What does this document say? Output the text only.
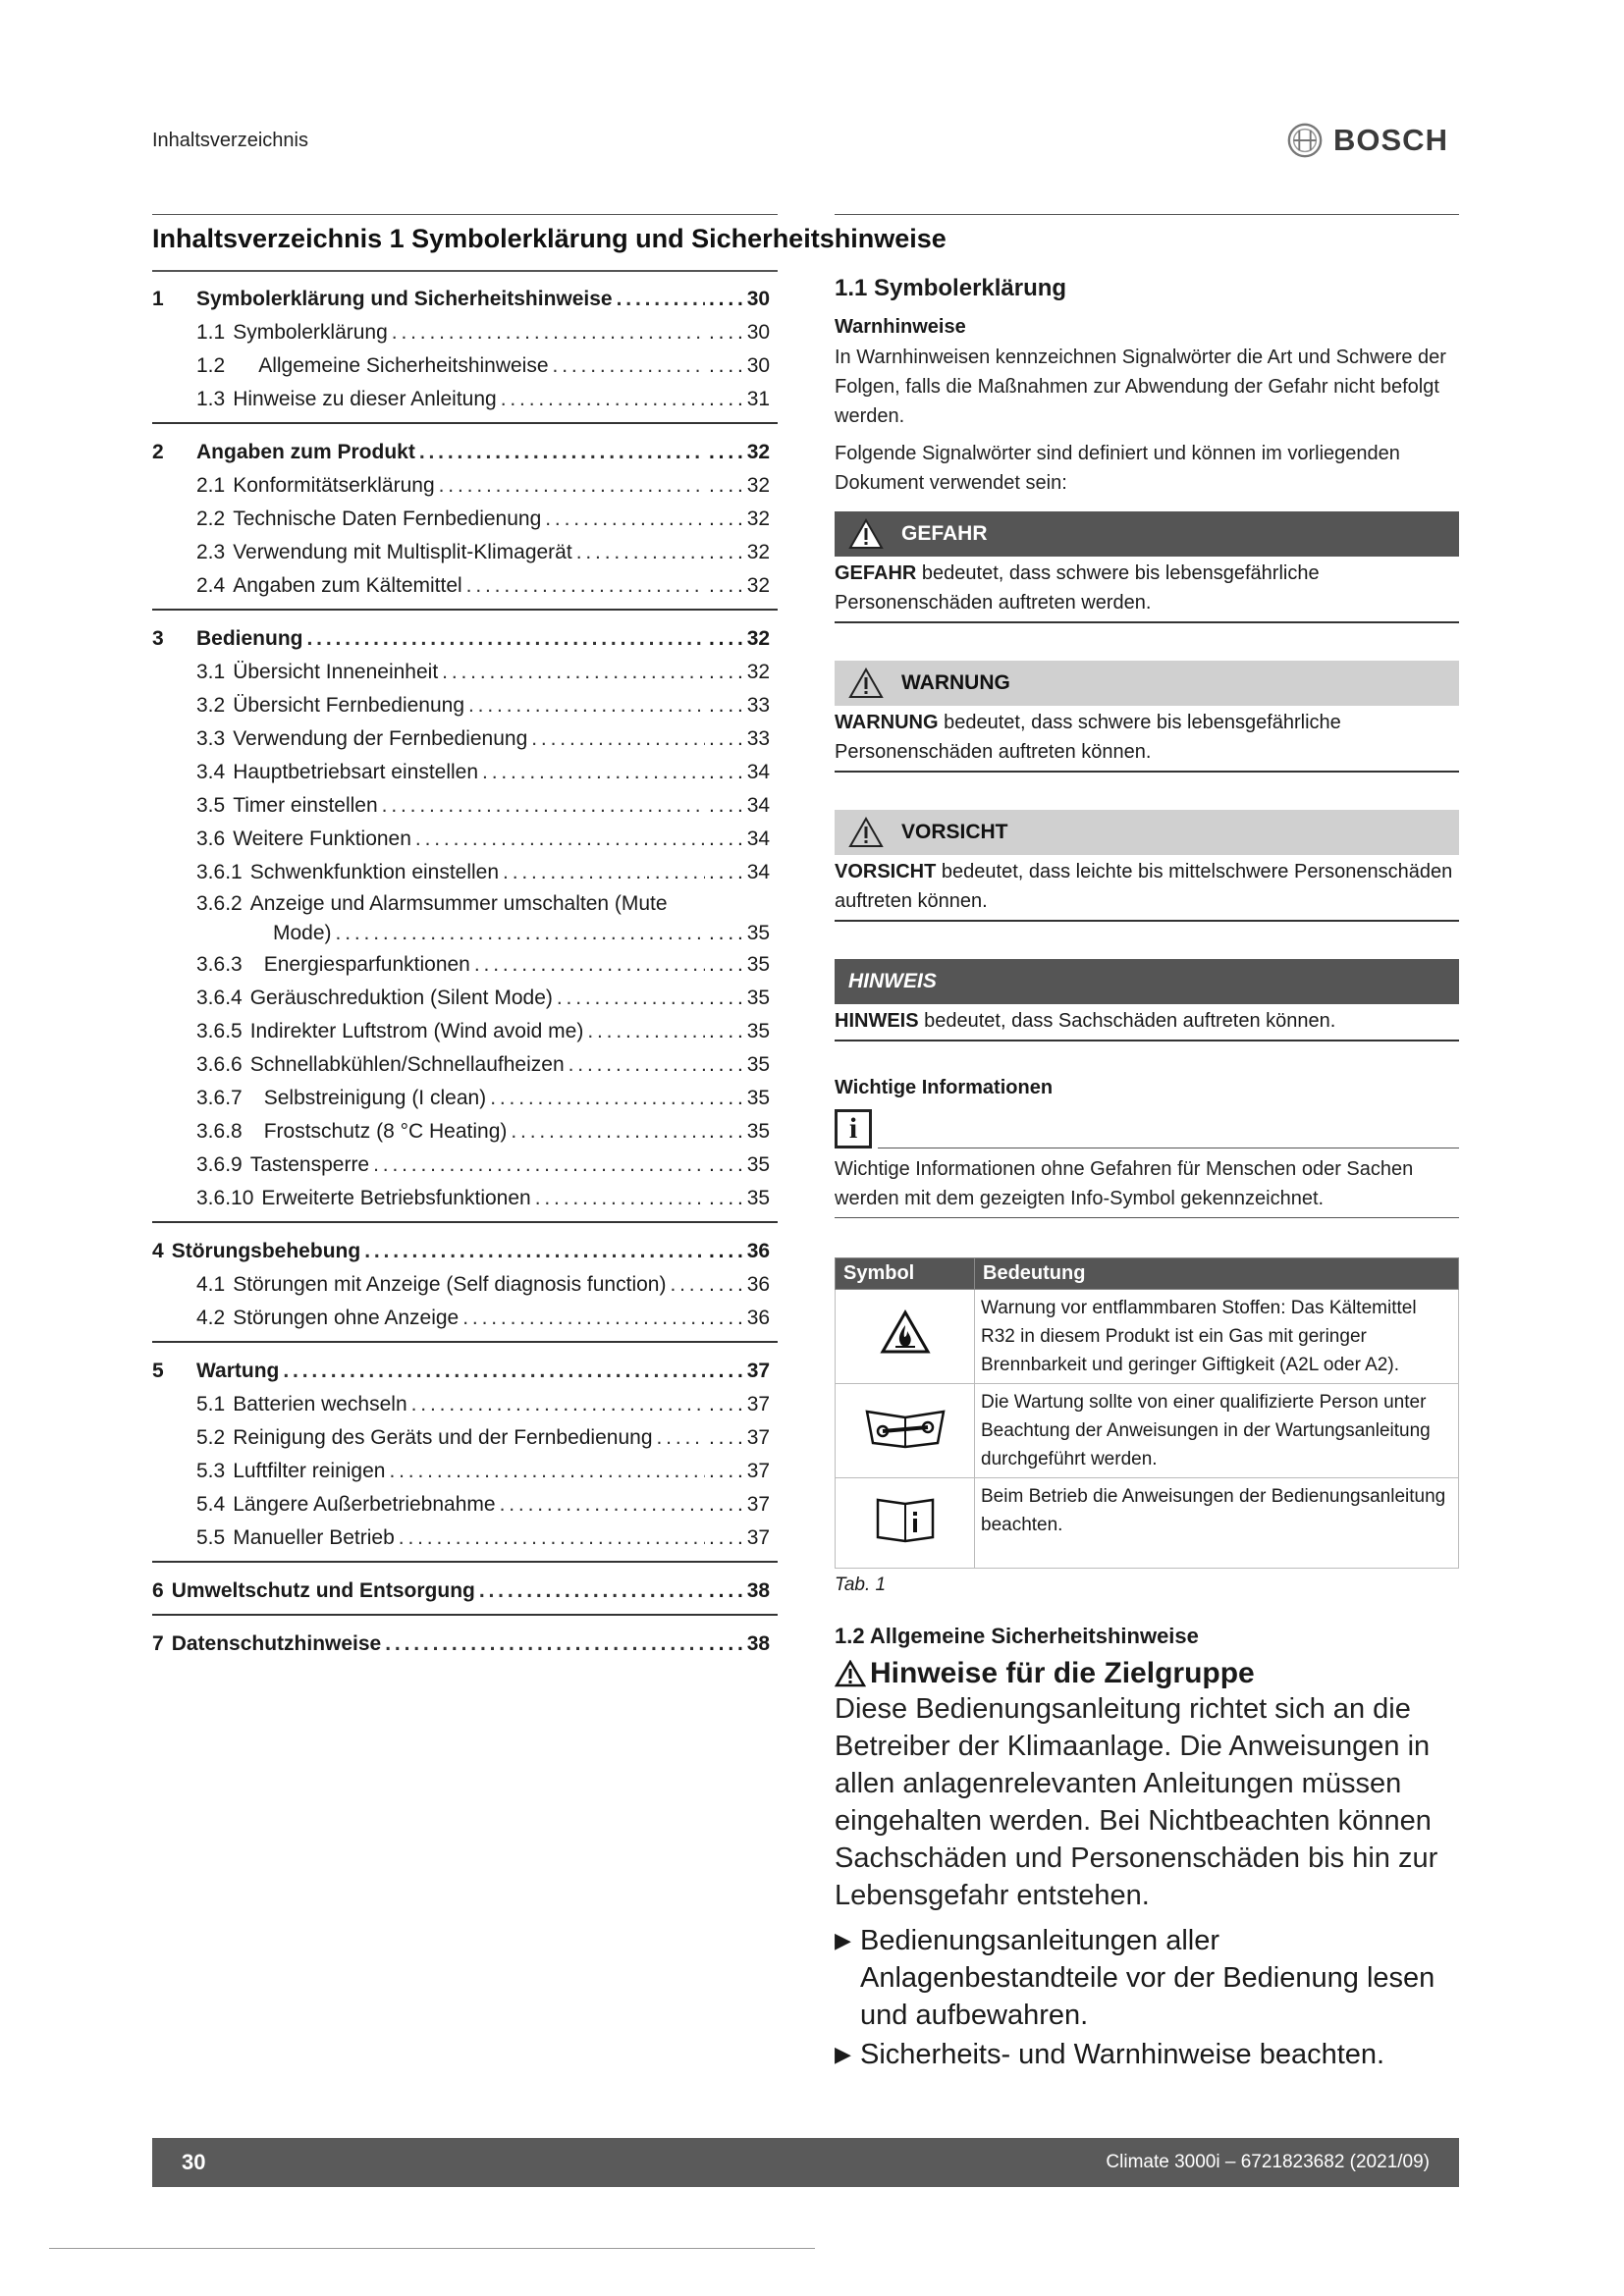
Inhaltsverzeichnis	BOSCH
Inhaltsverzeichnis 1 Symbolerklärung und Sicherheitshinweise
1	Symbolerklärung und Sicherheitshinweise . . .	. . . . 30
1.1 Symbolerklärung . . .	. . . . 30
1.2 Allgemeine Sicherheitshinweise . . .	. . . . 30
1.3 Hinweise zu dieser Anleitung . . .	. . . . 31
2	Angaben zum Produkt . . .	. . . . 32
2.1 Konformitätserklärung . . .	. . . . 32
2.2 Technische Daten Fernbedienung . . .	. . . . 32
2.3 Verwendung mit Multisplit-Klimagerät . . .	. . . . 32
2.4 Angaben zum Kältemittel . . .	. . . . 32
3	Bedienung . . .	. . . . 32
3.1 Übersicht Inneneinheit . . .	. . . . 32
3.2 Übersicht Fernbedienung . . .	. . . . 33
3.3 Verwendung der Fernbedienung . . .	. . . . 33
3.4 Hauptbetriebsart einstellen . . .	. . . . 34
3.5 Timer einstellen . . .	. . . . 34
3.6 Weitere Funktionen . . .	. . . . 34
3.6.1 Schwenkfunktion einstellen . . .	. . . . 34
3.6.2 Anzeige und Alarmsummer umschalten (Mute
Mode) . . .	. . . . 35
3.6.3 Energiesparfunktionen . . .	. . . . 35
3.6.4 Geräuschreduktion (Silent Mode) . . .	. . . . 35
3.6.5 Indirekter Luftstrom (Wind avoid me) . . .	. . . . 35
3.6.6 Schnellabkühlen/Schnellaufheizen . . .	. . . . 35
3.6.7 Selbstreinigung (I clean) . . .	. . . . 35
3.6.8 Frostschutz (8 °C Heating) . . .	. . . . 35
3.6.9 Tastensperre . . .	. . . . 35
3.6.10 Erweiterte Betriebsfunktionen . . .	. . . . 35
4 Störungsbehebung . . .	. . . . 36
4.1 Störungen mit Anzeige (Self diagnosis function) . . .	. . . . 36
4.2 Störungen ohne Anzeige . . .	. . . . 36
5	Wartung . . .	. . . . 37
5.1 Batterien wechseln . . .	. . . . 37
5.2 Reinigung des Geräts und der Fernbedienung . . .	. . . . 37
5.3 Luftfilter reinigen . . .	. . . . 37
5.4 Längere Außerbetriebnahme . . .	. . . . 37
5.5 Manueller Betrieb . . .	. . . . 37
6 Umweltschutz und Entsorgung . . .	. . . . 38
7 Datenschutzhinweise . . .	. . . . 38
1.1 Symbolerklärung
Warnhinweise
In Warnhinweisen kennzeichnen Signalwörter die Art und Schwere der Folgen, falls die Maßnahmen zur Abwendung der Gefahr nicht befolgt werden.
Folgende Signalwörter sind definiert und können im vorliegenden Dokument verwendet sein:
GEFAHR
GEFAHR bedeutet, dass schwere bis lebensgefährliche Personenschäden auftreten werden.
WARNUNG
WARNUNG bedeutet, dass schwere bis lebensgefährliche Personenschäden auftreten können.
VORSICHT
VORSICHT bedeutet, dass leichte bis mittelschwere Personenschäden auftreten können.
HINWEIS
HINWEIS bedeutet, dass Sachschäden auftreten können.
Wichtige Informationen
i
Wichtige Informationen ohne Gefahren für Menschen oder Sachen werden mit dem gezeigten Info-Symbol gekennzeichnet.
Symbol	Bedeutung
	Warnung vor entflammbaren Stoffen: Das Kältemittel R32 in diesem Produkt ist ein Gas mit geringer Brennbarkeit und geringer Giftigkeit (A2L oder A2).
	Die Wartung sollte von einer qualifizierte Person unter Beachtung der Anweisungen in der Wartungsanleitung durchgeführt werden.
	Beim Betrieb die Anweisungen der Bedienungsanleitung beachten.
Tab. 1
1.2 Allgemeine Sicherheitshinweise
Hinweise für die Zielgruppe
Diese Bedienungsanleitung richtet sich an die Betreiber der Klimaanlage. Die Anweisungen in allen anlagenrelevanten Anleitungen müssen eingehalten werden. Bei Nichtbeachten können Sachschäden und Personenschäden bis hin zur Lebensgefahr entstehen.
▶ Bedienungsanleitungen aller Anlagenbestandteile vor der Bedienung lesen und aufbewahren.
▶ Sicherheits- und Warnhinweise beachten.
30	Climate 3000i – 6721823682 (2021/09)
